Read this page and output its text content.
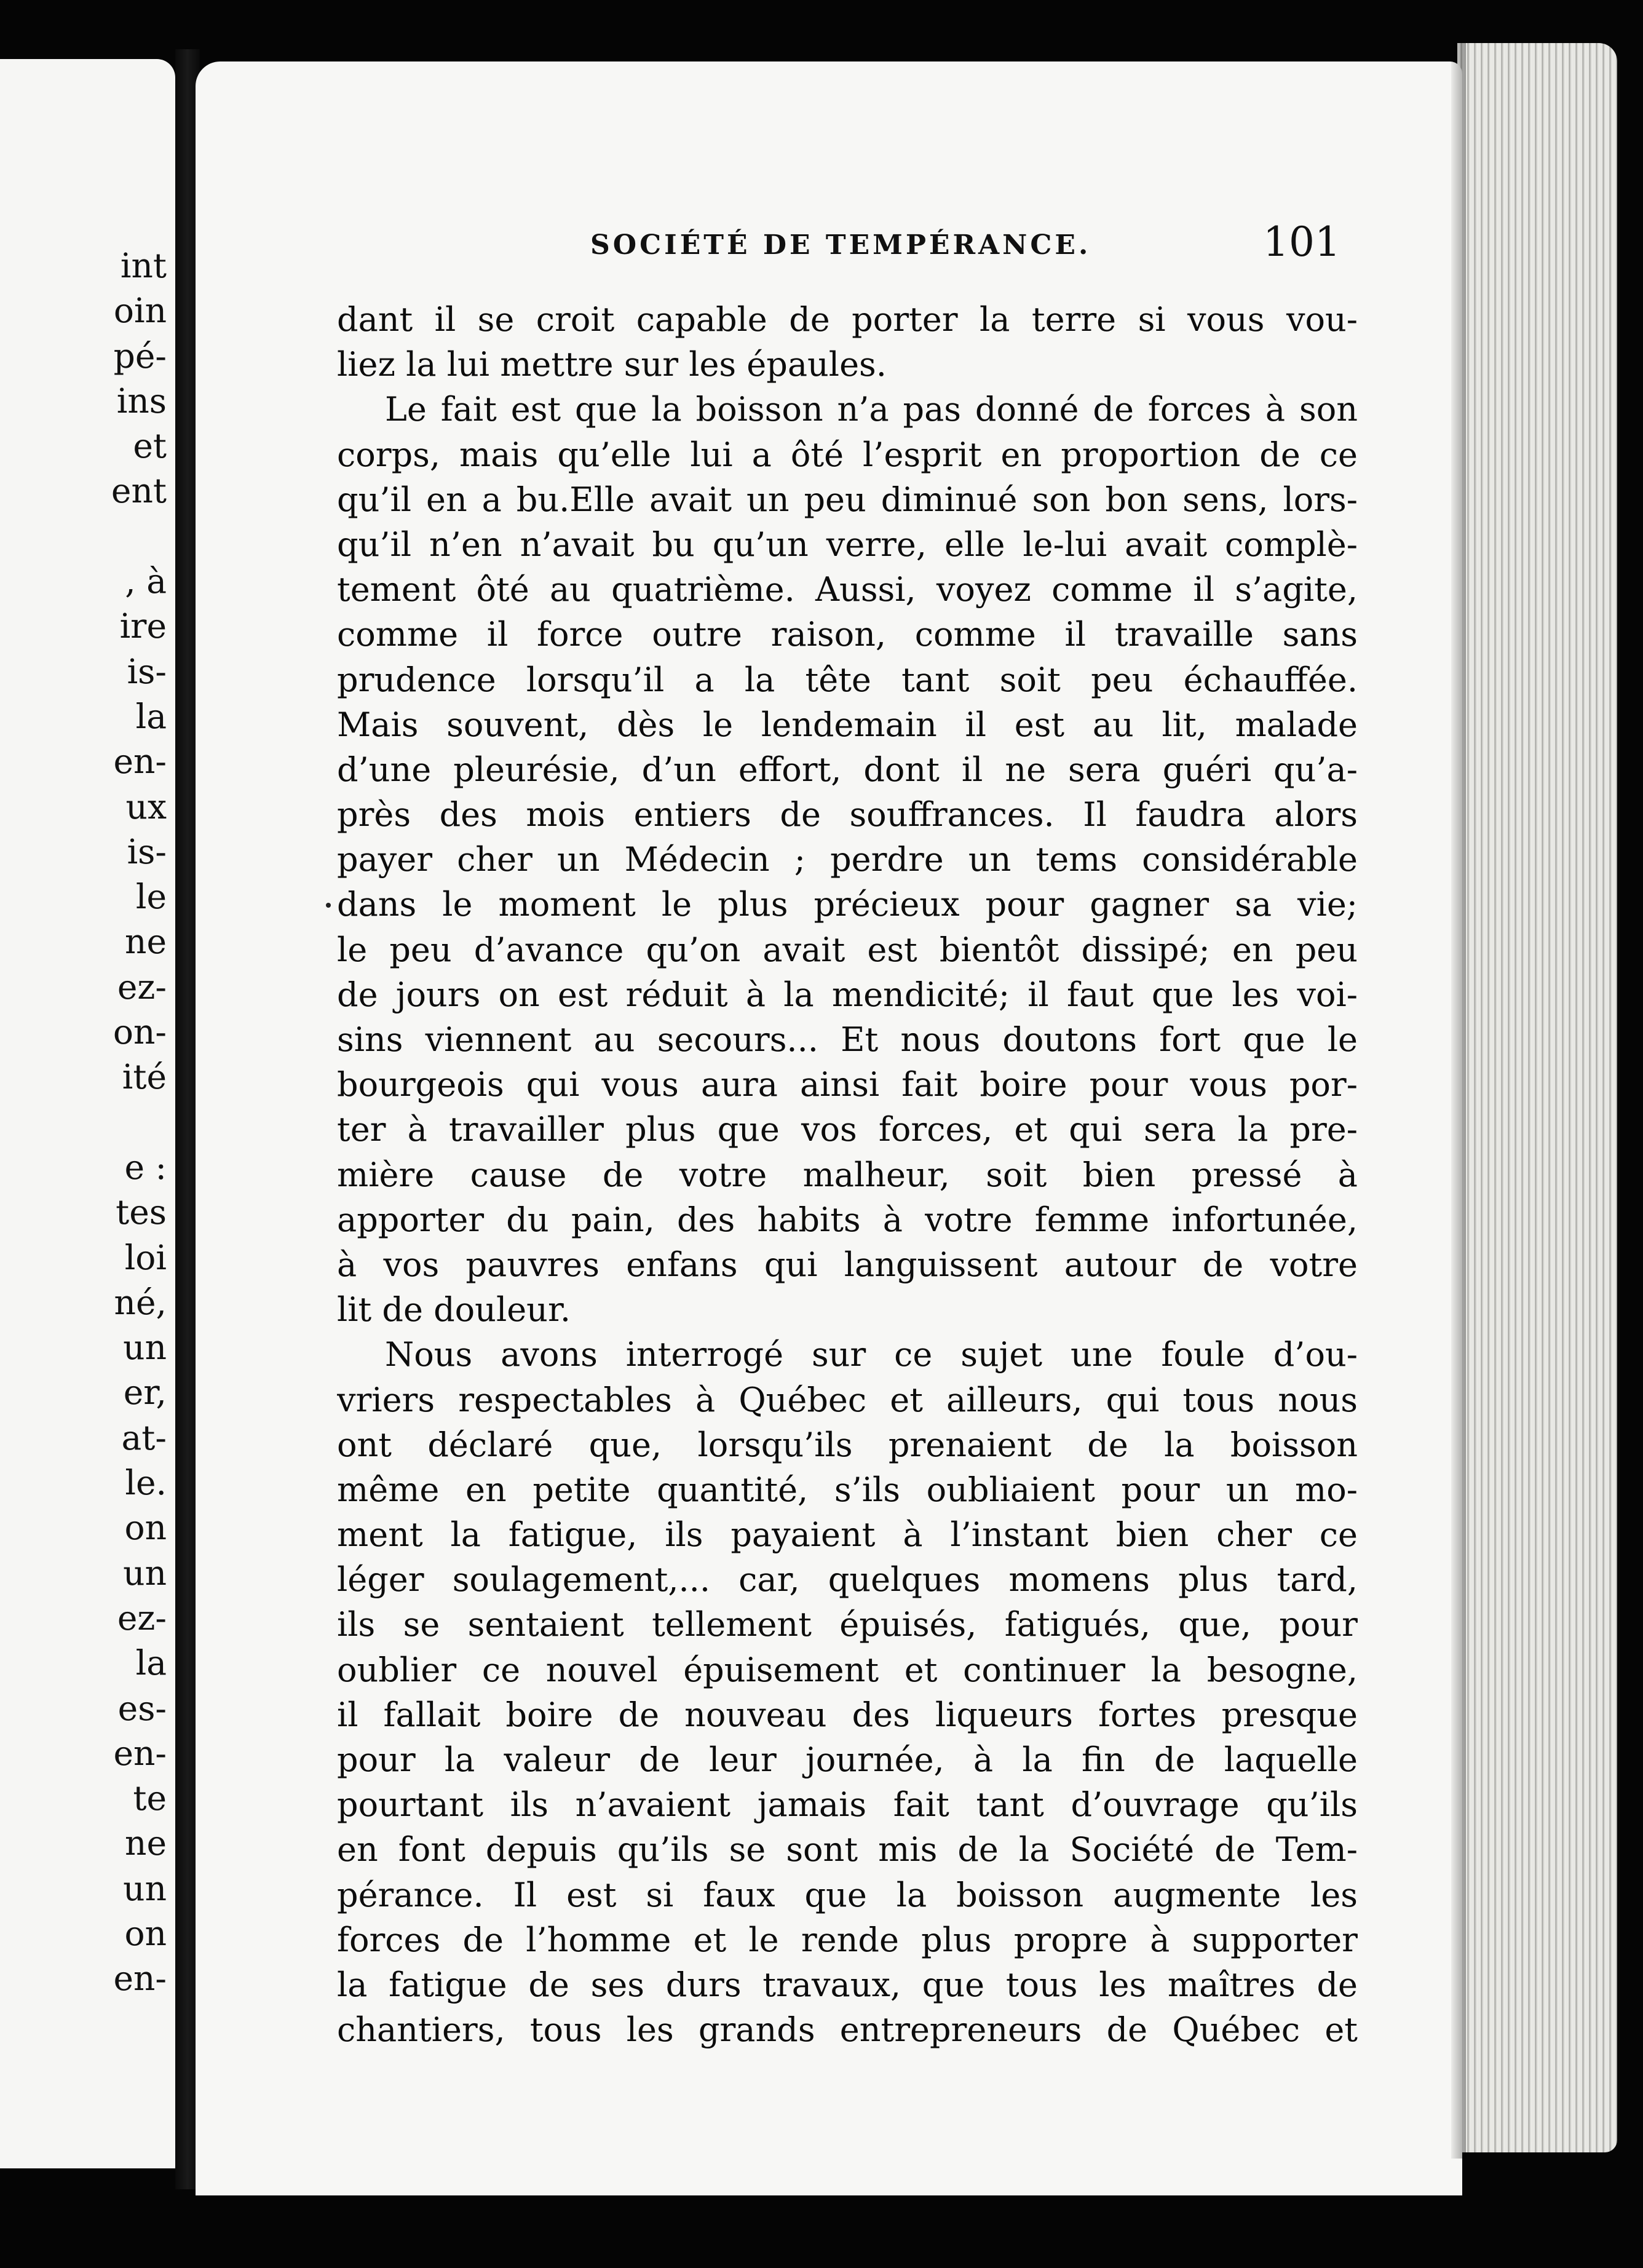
int
oin
pé-
ins
et
ent
, à
ire
is-
la
en-
ux
is-
le
ne
ez-
on-
ité
e :
tes
loi
né,
un
er,
at-
le.
on
un
ez-
la
es-
en-
te
ne
un
on
en-
SOCIÉTÉ DE TEMPÉRANCE.	101
dant il se croit capable de porter la terre si vous vou-
liez la lui mettre sur les épaules.
Le fait est que la boisson n’a pas donné de forces à son
corps, mais qu’elle lui a ôté l’esprit en proportion de ce
qu’il en a bu.Elle avait un peu diminué son bon sens, lors-
qu’il n’en n’avait bu qu’un verre, elle le-lui avait complè-
tement ôté au quatrième. Aussi, voyez comme il s’agite,
comme il force outre raison, comme il travaille sans
prudence lorsqu’il a la tête tant soit peu échauffée.
Mais souvent, dès le lendemain il est au lit, malade
d’une pleurésie, d’un effort, dont il ne sera guéri qu’a-
près des mois entiers de souffrances. Il faudra alors
payer cher un Médecin ; perdre un tems considérable
dans le moment le plus précieux pour gagner sa vie;
le peu d’avance qu’on avait est bientôt dissipé; en peu
de jours on est réduit à la mendicité; il faut que les voi-
sins viennent au secours... Et nous doutons fort que le
bourgeois qui vous aura ainsi fait boire pour vous por-
ter à travailler plus que vos forces, et qui sera la pre-
mière cause de votre malheur, soit bien pressé à
apporter du pain, des habits à votre femme infortunée,
à vos pauvres enfans qui languissent autour de votre
lit de douleur.
Nous avons interrogé sur ce sujet une foule d’ou-
vriers respectables à Québec et ailleurs, qui tous nous
ont déclaré que, lorsqu’ils prenaient de la boisson
même en petite quantité, s’ils oubliaient pour un mo-
ment la fatigue, ils payaient à l’instant bien cher ce
léger soulagement,... car, quelques momens plus tard,
ils se sentaient tellement épuisés, fatigués, que, pour
oublier ce nouvel épuisement et continuer la besogne,
il fallait boire de nouveau des liqueurs fortes presque
pour la valeur de leur journée, à la fin de laquelle
pourtant ils n’avaient jamais fait tant d’ouvrage qu’ils
en font depuis qu’ils se sont mis de la Société de Tem-
pérance. Il est si faux que la boisson augmente les
forces de l’homme et le rende plus propre à supporter
la fatigue de ses durs travaux, que tous les maîtres de
chantiers, tous les grands entrepreneurs de Québec et
